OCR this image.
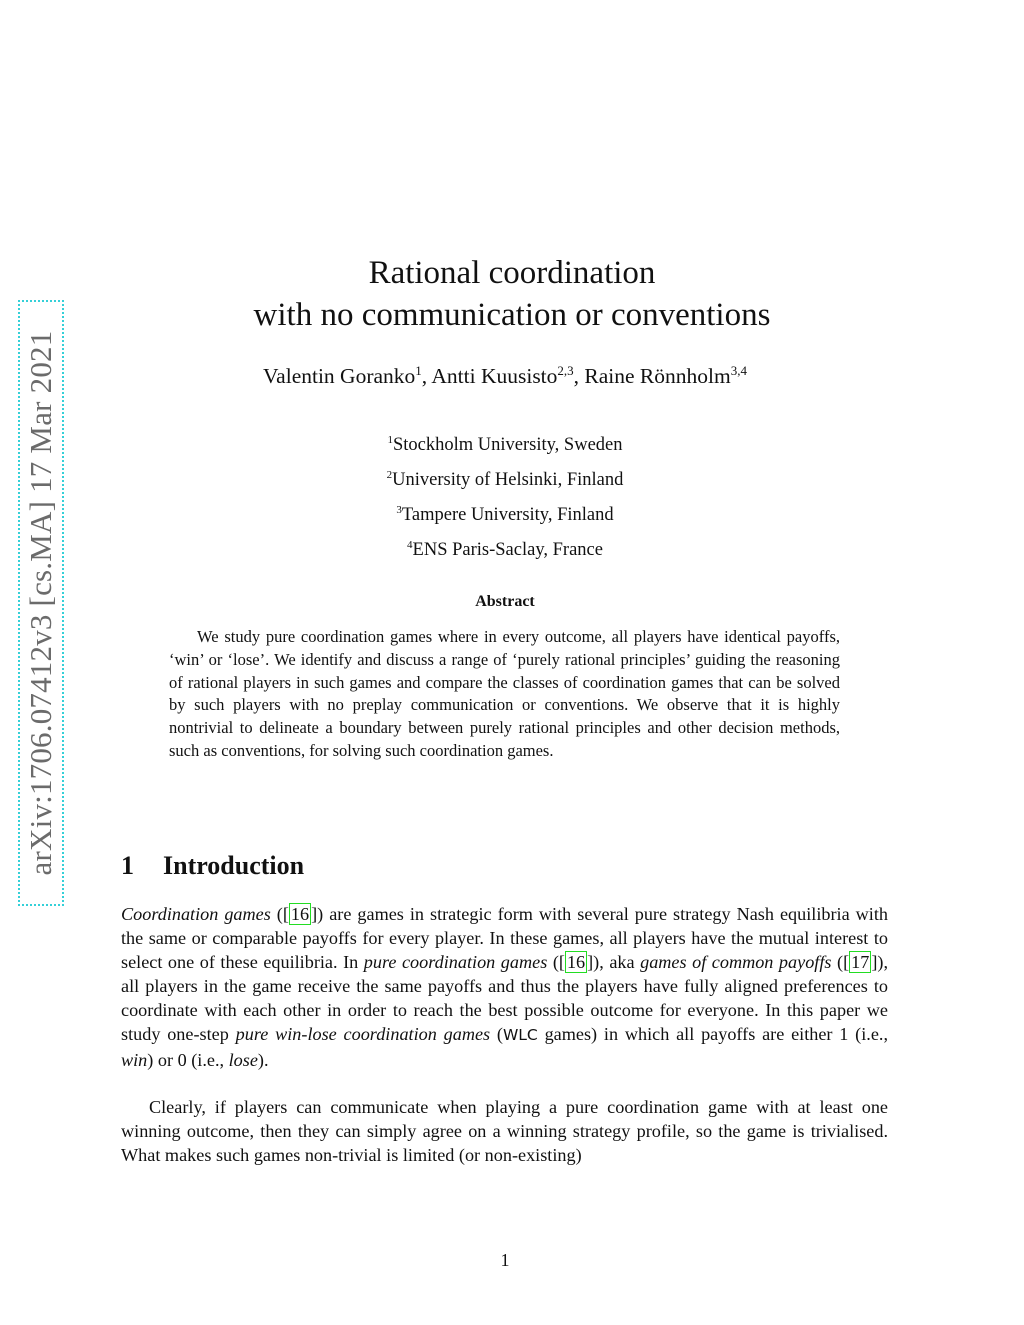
arXiv:1706.07412v3 [cs.MA] 17 Mar 2021
Rational coordination
with no communication or conventions
Valentin Goranko$^1$, Antti Kuusisto$^{2,3}$, Raine Rönnholm$^{3,4}$
$^1$Stockholm University, Sweden
$^2$University of Helsinki, Finland
$^3$Tampere University, Finland
$^4$ENS Paris-Saclay, France
Abstract

We study pure coordination games where in every outcome, all players have identical payoffs, ‘win’ or ‘lose’. We identify and discuss a range of ‘purely rational principles’ guiding the reasoning of rational players in such games and compare the classes of coordination games that can be solved by such players with no preplay communication or conventions. We observe that it is highly nontrivial to delineate a boundary between purely rational principles and other decision methods, such as conventions, for solving such coordination games.

1 Introduction

Coordination games ([ 16 ]) are games in strategic form with several pure strategy Nash equilibria with the same or comparable payoffs for every player. In these games, all players have the mutual interest to select one of these equilibria. In pure coordination games ([ 16 ]), aka games of common payoffs ([ 17 ]), all players in the game receive the same payoffs and thus the players have fully aligned preferences to coordinate with each other in order to reach the best possible outcome for everyone. In this paper we study one-step pure win-lose coordination games (WLC games) in which all payoffs are either 1 (i.e., win) or 0 (i.e., lose).

Clearly, if players can communicate when playing a pure coordination game with at least one winning outcome, then they can simply agree on a winning strategy profile, so the game is trivialised. What makes such games non-trivial is limited (or non-existing)

1
